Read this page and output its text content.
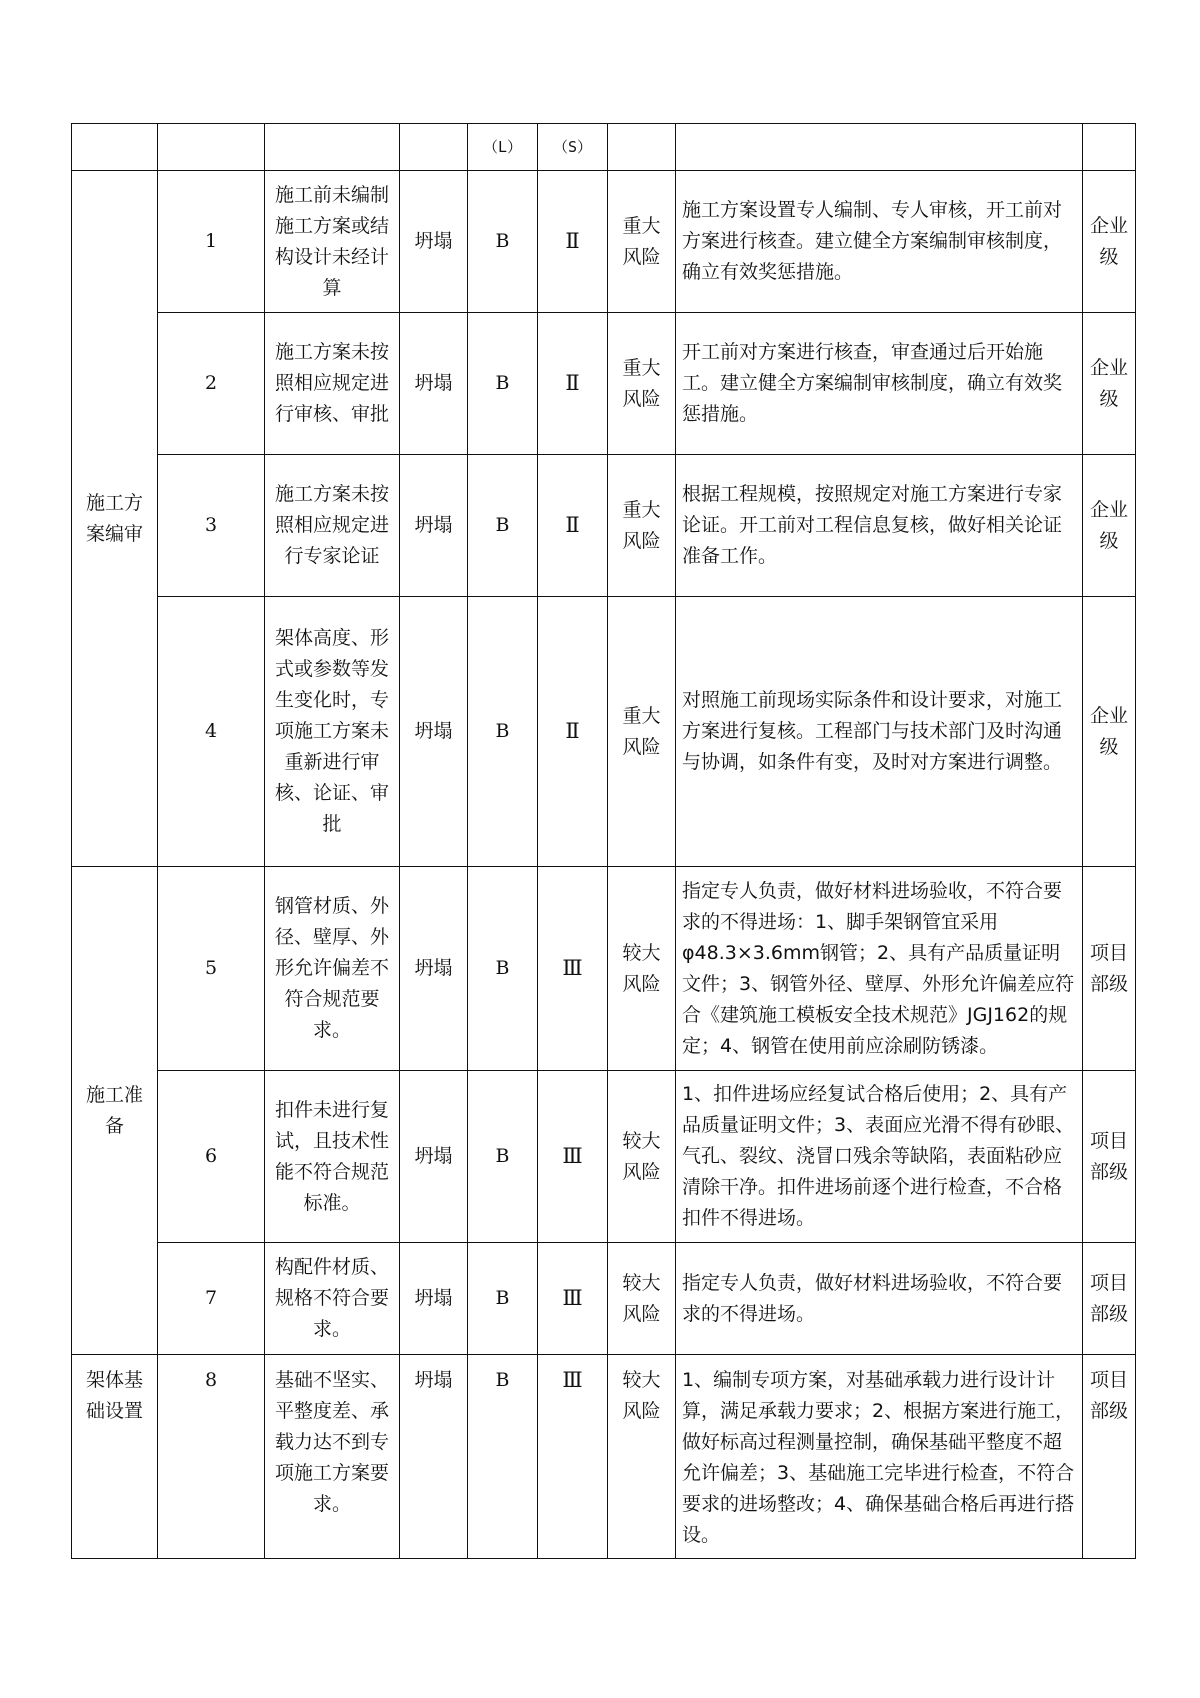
				（L）	（S）			
施工方案编审	1	施工前未编制施工方案或结构设计未经计算	坍塌	B	Ⅱ	重大风险	施工方案设置专人编制、专人审核，开工前对方案进行核查。建立健全方案编制审核制度，确立有效奖惩措施。	企业级
	2	施工方案未按照相应规定进行审核、审批	坍塌	B	Ⅱ	重大风险	开工前对方案进行核查，审查通过后开始施工。建立健全方案编制审核制度，确立有效奖惩措施。	企业级
	3	施工方案未按照相应规定进行专家论证	坍塌	B	Ⅱ	重大风险	根据工程规模，按照规定对施工方案进行专家论证。开工前对工程信息复核，做好相关论证准备工作。	企业级
	4	架体高度、形式或参数等发生变化时，专项施工方案未重新进行审核、论证、审批	坍塌	B	Ⅱ	重大风险	对照施工前现场实际条件和设计要求，对施工方案进行复核。工程部门与技术部门及时沟通与协调，如条件有变，及时对方案进行调整。	企业级
施工准备	5	钢管材质、外径、壁厚、外形允许偏差不符合规范要求。	坍塌	B	Ⅲ	较大风险	指定专人负责，做好材料进场验收，不符合要求的不得进场：1、脚手架钢管宜采用φ48.3×3.6mm钢管；2、具有产品质量证明文件；3、钢管外径、壁厚、外形允许偏差应符合《建筑施工模板安全技术规范》JGJ162的规定；4、钢管在使用前应涂刷防锈漆。	项目部级
	6	扣件未进行复试，且技术性能不符合规范标准。	坍塌	B	Ⅲ	较大风险	1、扣件进场应经复试合格后使用；2、具有产品质量证明文件；3、表面应光滑不得有砂眼、气孔、裂纹、浇冒口残余等缺陷，表面粘砂应清除干净。扣件进场前逐个进行检查，不合格扣件不得进场。	项目部级
	7	构配件材质、规格不符合要求。	坍塌	B	Ⅲ	较大风险	指定专人负责，做好材料进场验收，不符合要求的不得进场。	项目部级
架体基础设置	8	基础不坚实、平整度差、承载力达不到专项施工方案要求。	坍塌	B	Ⅲ	较大风险	1、编制专项方案，对基础承载力进行设计计算，满足承载力要求；2、根据方案进行施工，做好标高过程测量控制，确保基础平整度不超允许偏差；3、基础施工完毕进行检查，不符合要求的进场整改；4、确保基础合格后再进行搭设。	项目部级
